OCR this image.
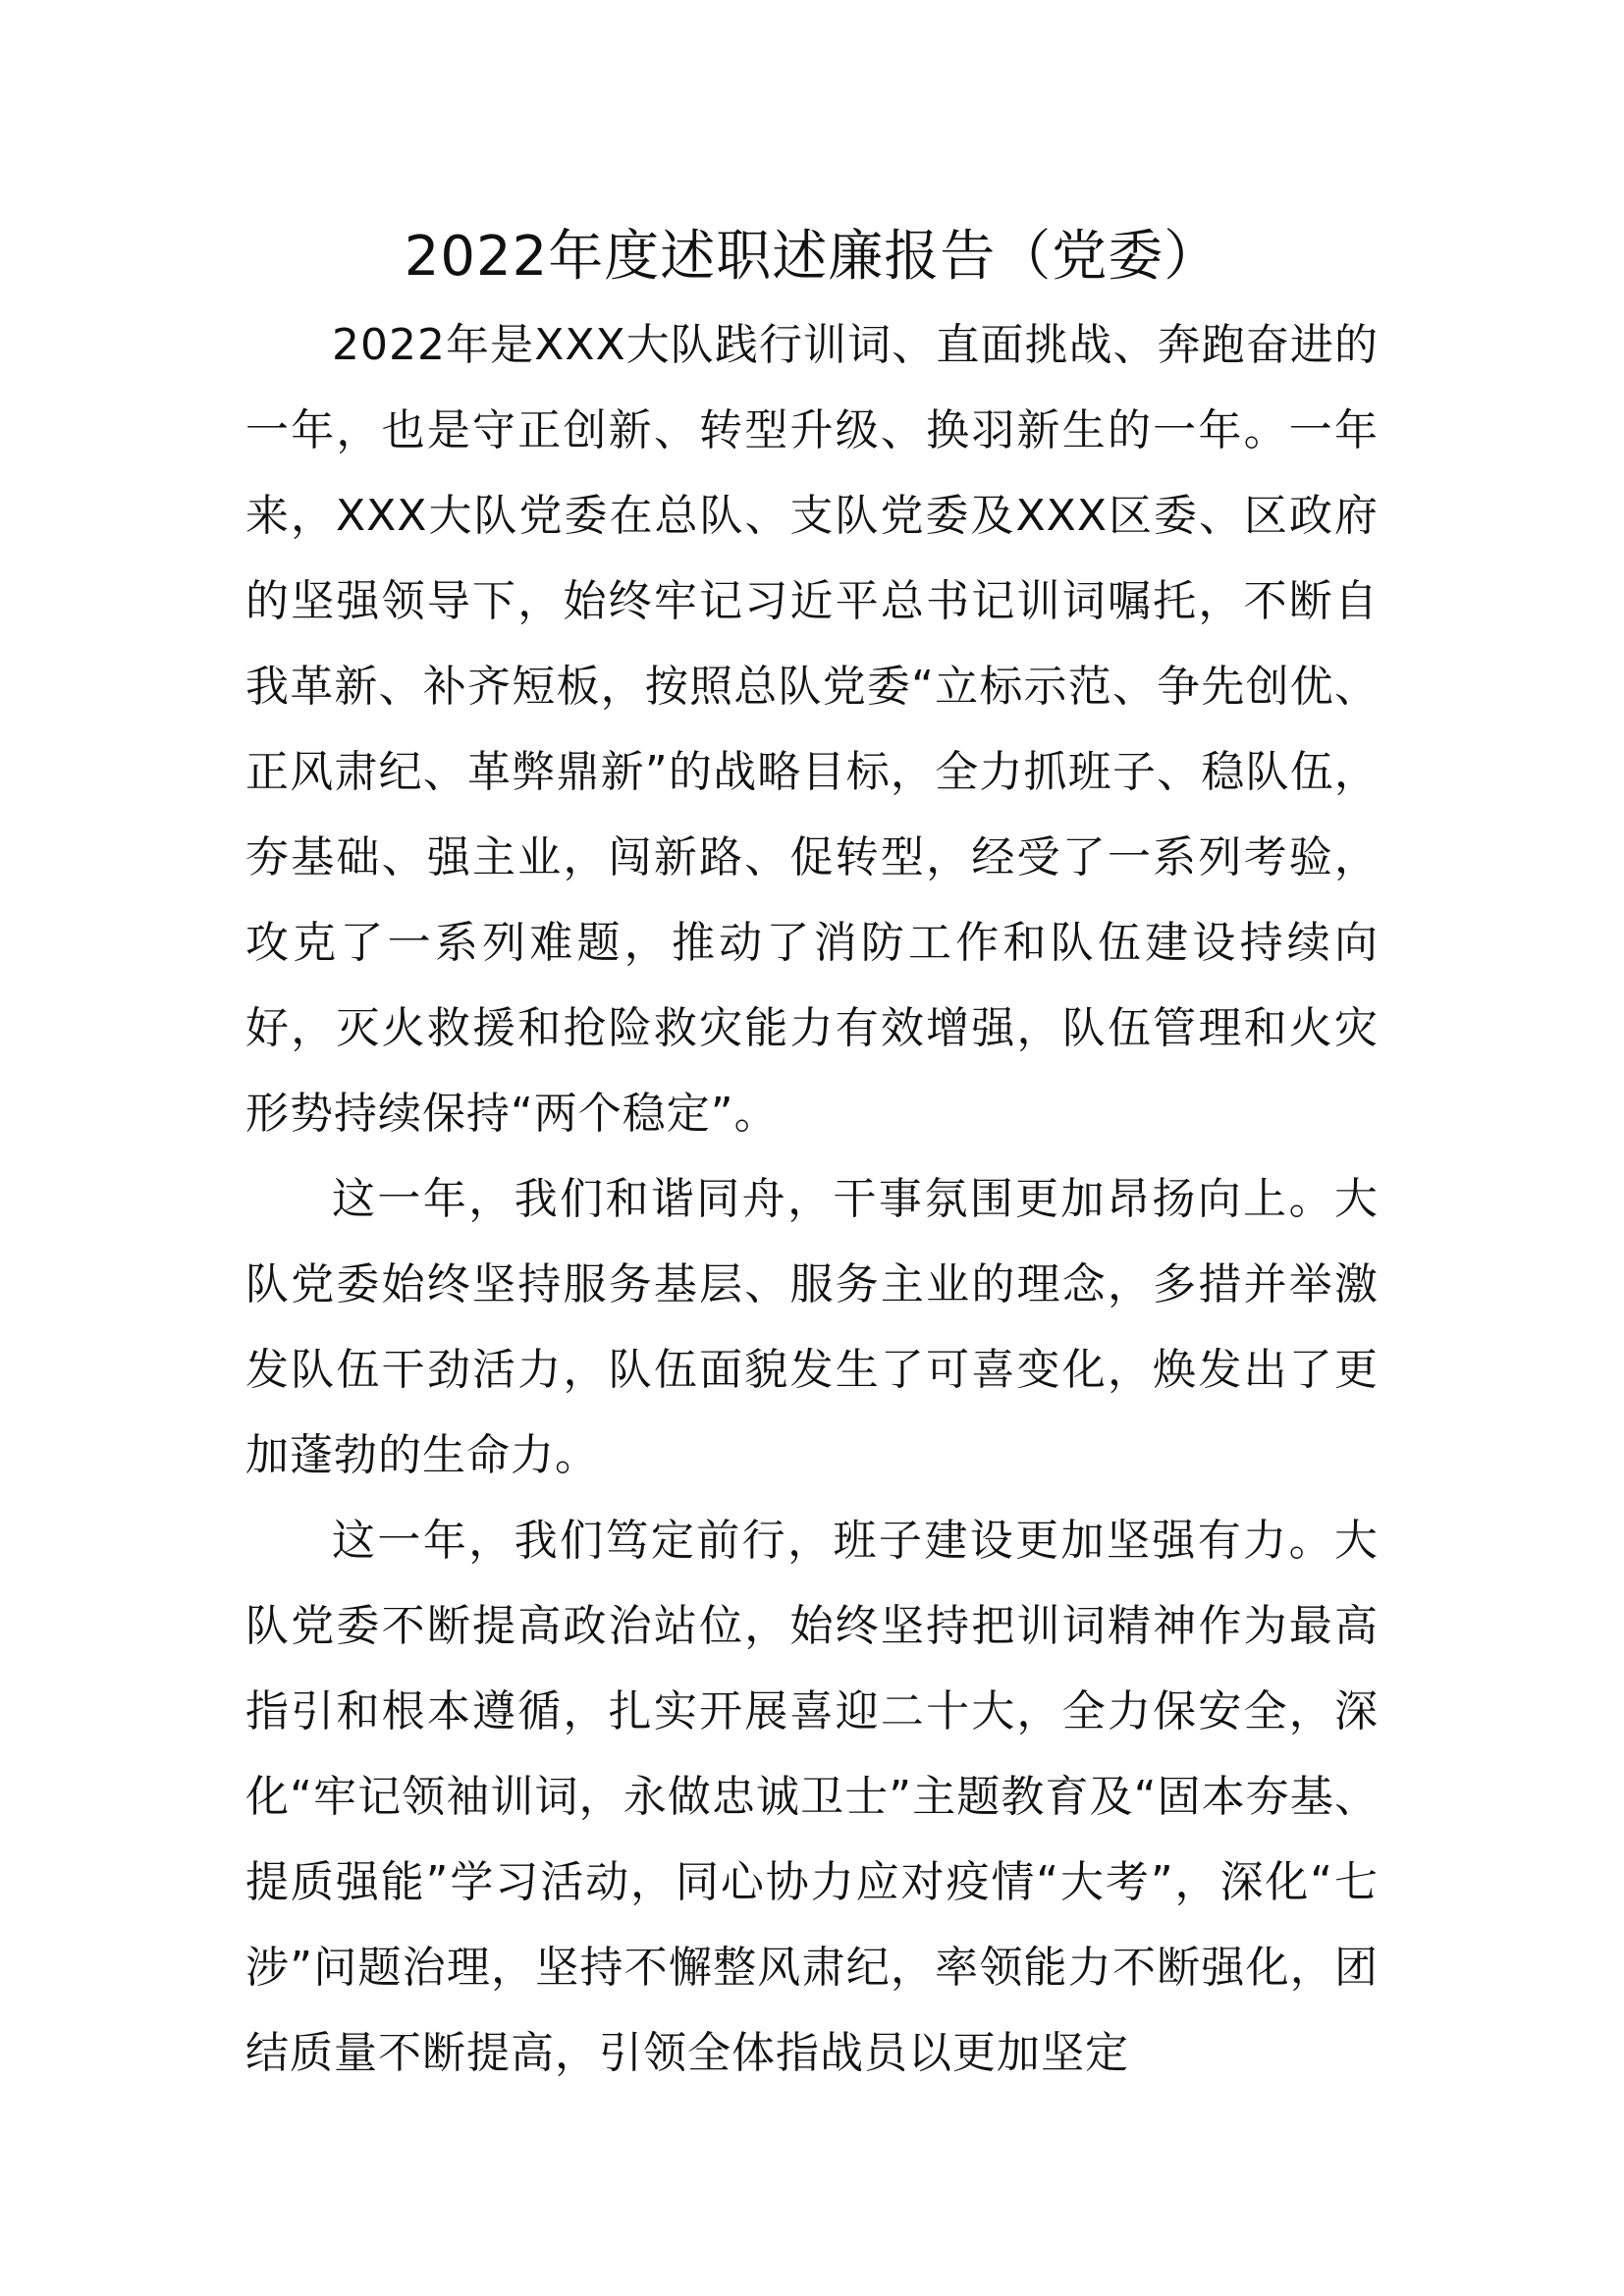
2022年度述职述廉报告（党委）

2022年是XXX大队践行训词、直面挑战、奔跑奋进的一年，也是守正创新、转型升级、换羽新生的一年。一年来，XXX大队党委在总队、支队党委及XXX区委、区政府的坚强领导下，始终牢记习近平总书记训词嘱托，不断自我革新、补齐短板，按照总队党委“立标示范、争先创优、正风肃纪、革弊鼎新”的战略目标，全力抓班子、稳队伍，夯基础、强主业，闯新路、促转型，经受了一系列考验，攻克了一系列难题，推动了消防工作和队伍建设持续向好，灭火救援和抢险救灾能力有效增强，队伍管理和火灾形势持续保持“两个稳定”。

这一年，我们和谐同舟，干事氛围更加昂扬向上。大队党委始终坚持服务基层、服务主业的理念，多措并举激发队伍干劲活力，队伍面貌发生了可喜变化，焕发出了更加蓬勃的生命力。

这一年，我们笃定前行，班子建设更加坚强有力。大队党委不断提高政治站位，始终坚持把训词精神作为最高指引和根本遵循，扎实开展喜迎二十大，全力保安全，深化“牢记领袖训词，永做忠诚卫士”主题教育及“固本夯基、提质强能”学习活动，同心协力应对疫情“大考”，深化“七涉”问题治理，坚持不懈整风肃纪，率领能力不断强化，团结质量不断提高，引领全体指战员以更加坚定
